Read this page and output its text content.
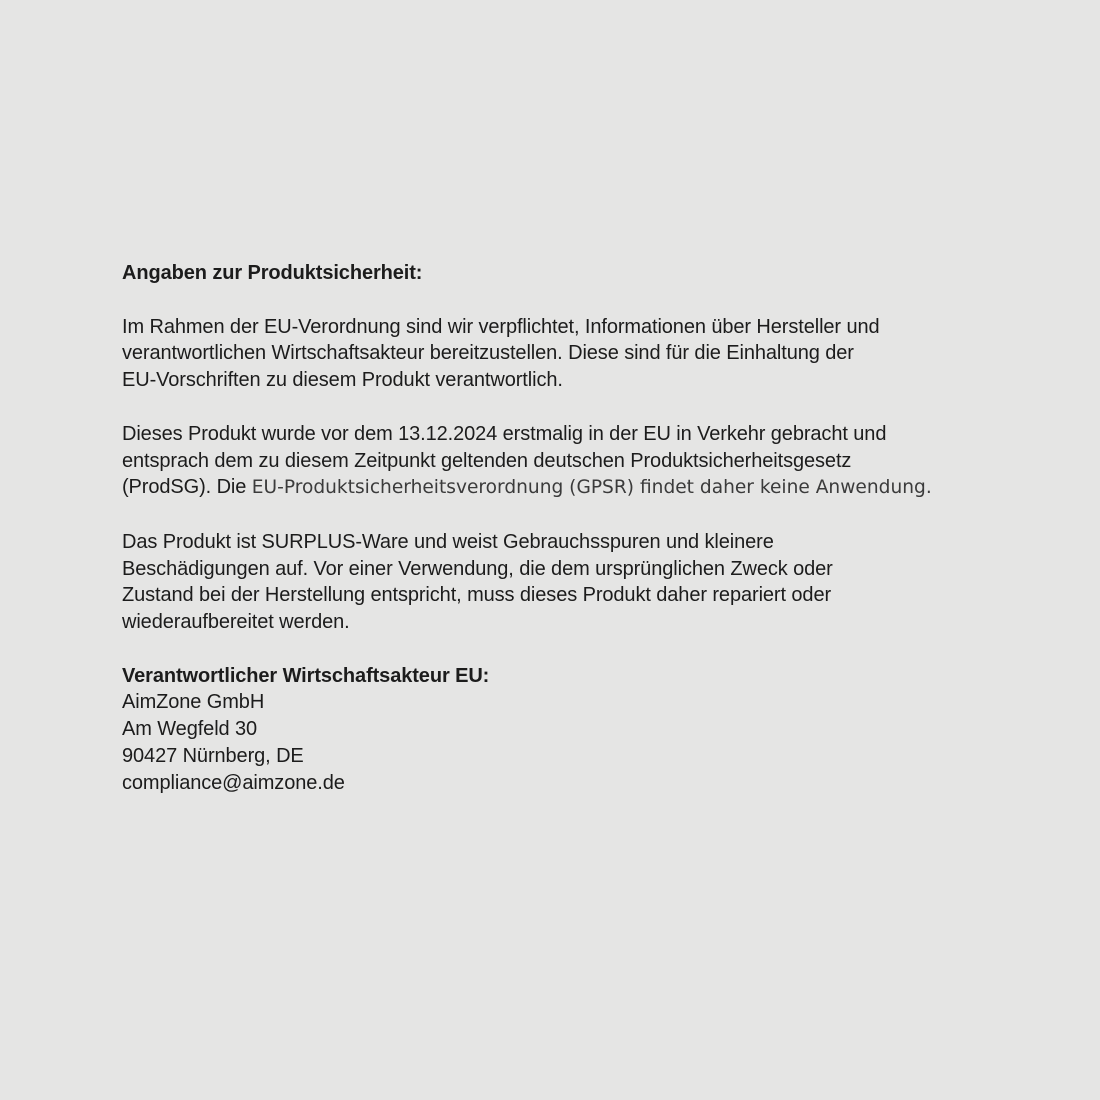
Angaben zur Produktsicherheit:
Im Rahmen der EU-Verordnung sind wir verpflichtet, Informationen über Hersteller und
verantwortlichen Wirtschaftsakteur bereitzustellen. Diese sind für die Einhaltung der
EU-Vorschriften zu diesem Produkt verantwortlich.
Dieses Produkt wurde vor dem 13.12.2024 erstmalig in der EU in Verkehr gebracht und
entsprach dem zu diesem Zeitpunkt geltenden deutschen Produktsicherheitsgesetz
(ProdSG). Die EU-Produktsicherheitsverordnung (GPSR) findet daher keine Anwendung.
Das Produkt ist SURPLUS-Ware und weist Gebrauchsspuren und kleinere
Beschädigungen auf. Vor einer Verwendung, die dem ursprünglichen Zweck oder
Zustand bei der Herstellung entspricht, muss dieses Produkt daher repariert oder
wiederaufbereitet werden.
Verantwortlicher Wirtschaftsakteur EU:
AimZone GmbH
Am Wegfeld 30
90427 Nürnberg, DE
compliance@aimzone.de
